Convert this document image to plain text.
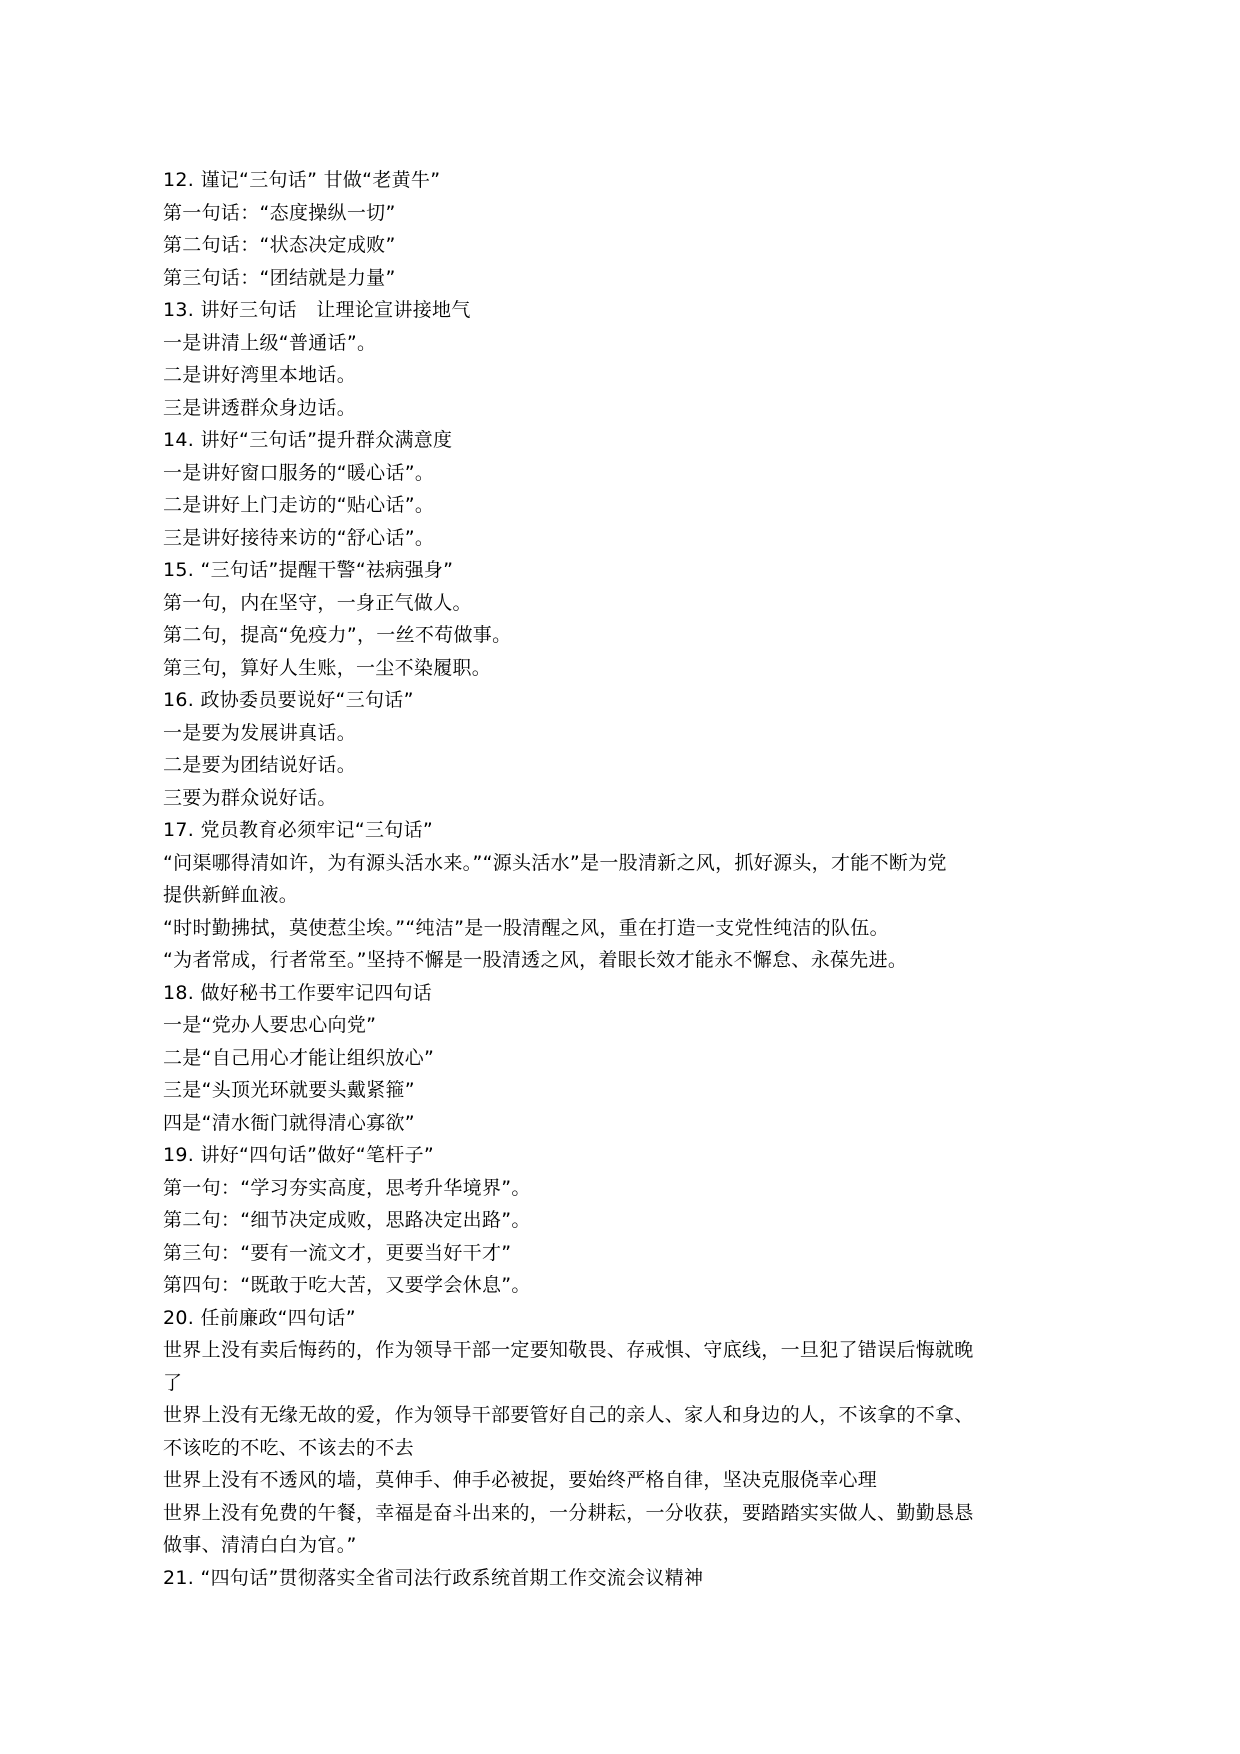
12. 谨记“三句话” 甘做“老黄牛”
第一句话：“态度操纵一切”
第二句话：“状态决定成败”
第三句话：“团结就是力量”
13. 讲好三句话　让理论宣讲接地气
一是讲清上级“普通话”。
二是讲好湾里本地话。
三是讲透群众身边话。
14. 讲好“三句话”提升群众满意度
一是讲好窗口服务的“暖心话”。
二是讲好上门走访的“贴心话”。
三是讲好接待来访的“舒心话”。
15. “三句话”提醒干警“祛病强身”
第一句，内在坚守，一身正气做人。
第二句，提高“免疫力”，一丝不苟做事。
第三句，算好人生账，一尘不染履职。
16. 政协委员要说好“三句话”
一是要为发展讲真话。
二是要为团结说好话。
三要为群众说好话。
17. 党员教育必须牢记“三句话”
“问渠哪得清如许，为有源头活水来。”“源头活水”是一股清新之风，抓好源头，才能不断为党
提供新鲜血液。
“时时勤拂拭，莫使惹尘埃。”“纯洁”是一股清醒之风，重在打造一支党性纯洁的队伍。
“为者常成，行者常至。”坚持不懈是一股清透之风，着眼长效才能永不懈怠、永葆先进。
18. 做好秘书工作要牢记四句话
一是“党办人要忠心向党”
二是“自己用心才能让组织放心”
三是“头顶光环就要头戴紧箍”
四是“清水衙门就得清心寡欲”
19. 讲好“四句话”做好“笔杆子”
第一句：“学习夯实高度，思考升华境界”。
第二句：“细节决定成败，思路决定出路”。
第三句：“要有一流文才，更要当好干才”
第四句：“既敢于吃大苦，又要学会休息”。
20. 任前廉政“四句话”
世界上没有卖后悔药的，作为领导干部一定要知敬畏、存戒惧、守底线，一旦犯了错误后悔就晚
了
世界上没有无缘无故的爱，作为领导干部要管好自己的亲人、家人和身边的人，不该拿的不拿、
不该吃的不吃、不该去的不去
世界上没有不透风的墙，莫伸手、伸手必被捉，要始终严格自律，坚决克服侥幸心理
世界上没有免费的午餐，幸福是奋斗出来的，一分耕耘，一分收获，要踏踏实实做人、勤勤恳恳
做事、清清白白为官。”
21. “四句话”贯彻落实全省司法行政系统首期工作交流会议精神
